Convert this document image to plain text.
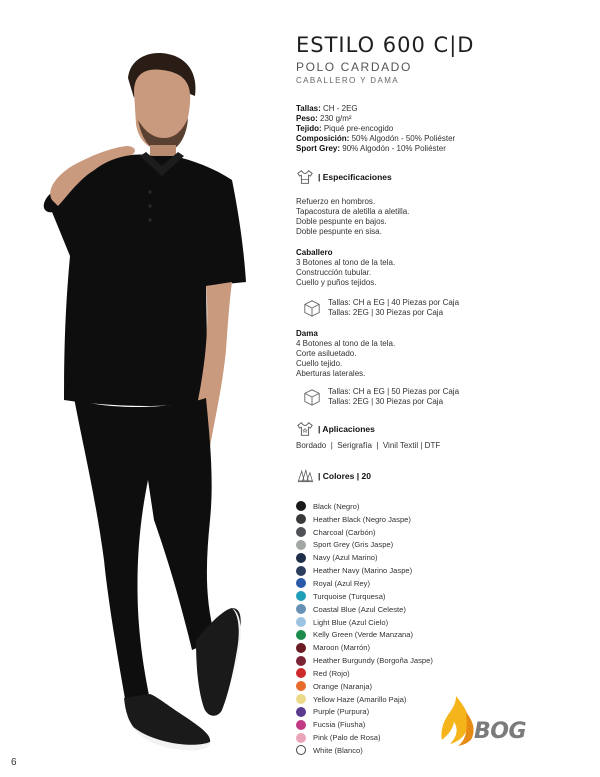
6
ESTILO 600 C|D
POLO CARDADO
CABALLERO Y DAMA
Tallas: CH - 2EG
Peso: 230 g/m²
Tejido: Piqué pre-encogido
Composición: 50% Algodón - 50% Poliéster
Sport Grey: 90% Algodón - 10% Poliéster
| Especificaciones
Refuerzo en hombros.
Tapacostura de aletilla a aletilla.
Doble pespunte en bajos.
Doble pespunte en sisa.
Caballero
3 Botones al tono de la tela.
Construcción tubular.
Cuello y puños tejidos.
Tallas: CH a EG | 40 Piezas por Caja
Tallas: 2EG | 30 Piezas por Caja
Dama
4 Botones al tono de la tela.
Corte asiluetado.
Cuello tejido.
Aberturas laterales.
Tallas: CH a EG | 50 Piezas por Caja
Tallas: 2EG | 30 Piezas por Caja
| Aplicaciones
Bordado  |  Serigrafía  |  Vinil Textil | DTF
| Colores | 20
Black (Negro)
Heather Black (Negro Jaspe)
Charcoal (Carbón)
Sport Grey (Gris Jaspe)
Navy (Azul Marino)
Heather Navy (Marino Jaspe)
Royal (Azul Rey)
Turquoise (Turquesa)
Coastal Blue (Azul Celeste)
Light Blue (Azul Cielo)
Kelly Green (Verde Manzana)
Maroon (Marrón)
Heather Burgundy (Borgoña Jaspe)
Red (Rojo)
Orange (Naranja)
Yellow Haze (Amarillo Paja)
Purple (Purpura)
Fucsia (Fiusha)
Pink (Palo de Rosa)
White (Blanco)
BOG
